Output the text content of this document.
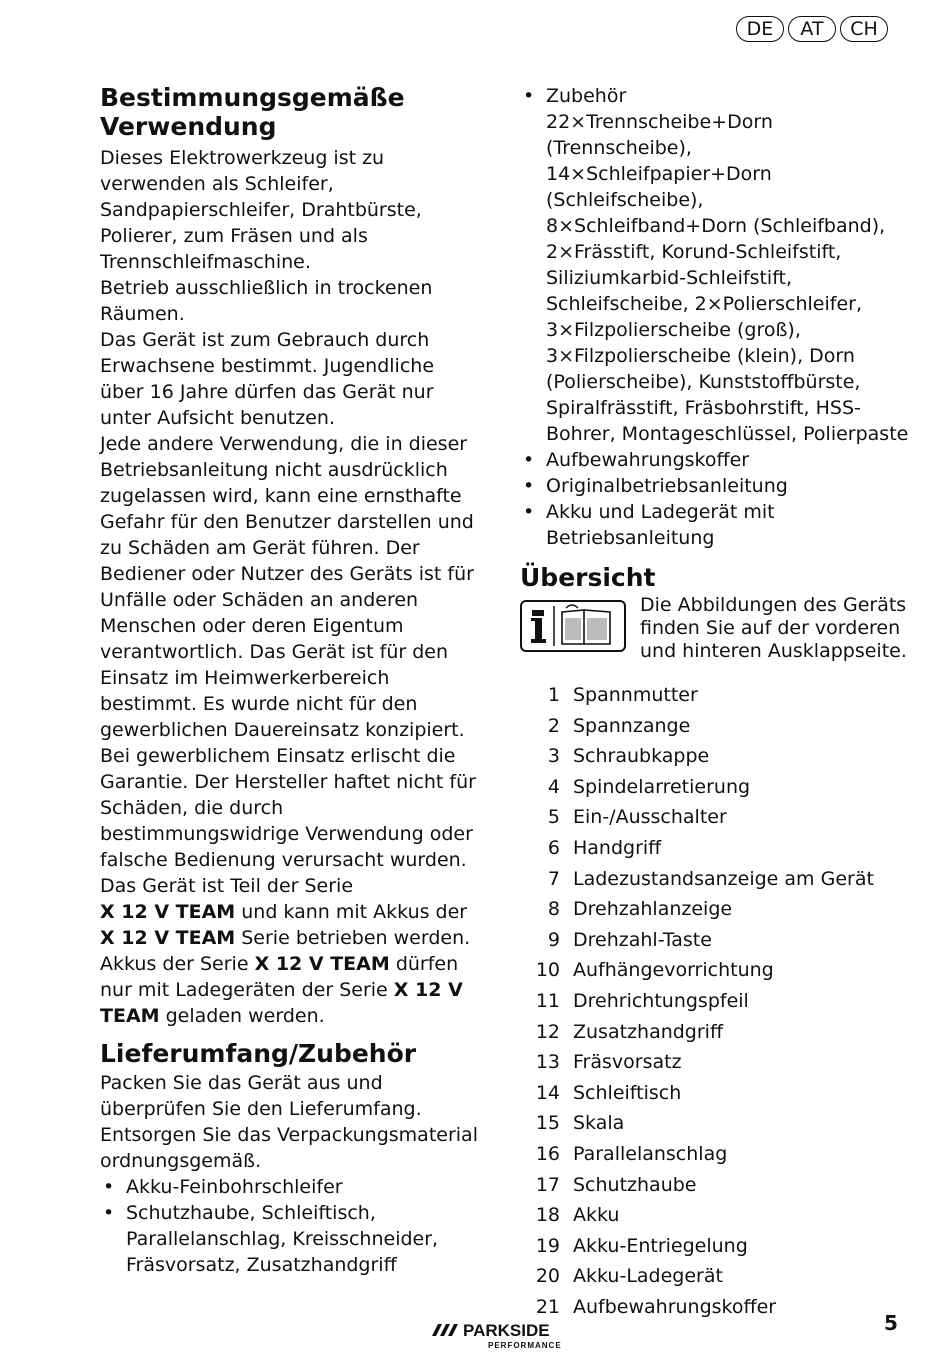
DE	AT	CH
Bestimmungsgemäße
Verwendung

Dieses Elektrowerkzeug ist zu verwenden als Schleifer, Sandpapierschleifer, Drahtbürste, Polierer, zum Fräsen und als Trennschleifmaschine.

Betrieb ausschließlich in trockenen Räumen.

Das Gerät ist zum Gebrauch durch Erwachsene bestimmt. Jugendliche über 16 Jahre dürfen das Gerät nur unter Aufsicht benutzen.

Jede andere Verwendung, die in dieser Betriebsanleitung nicht ausdrücklich zugelassen wird, kann eine ernsthafte Gefahr für den Benutzer darstellen und zu Schäden am Gerät führen. Der Bediener oder Nutzer des Geräts ist für Unfälle oder Schäden an anderen Menschen oder deren Eigentum verantwortlich. Das Gerät ist für den Einsatz im Heimwerkerbereich bestimmt. Es wurde nicht für den gewerblichen Dauereinsatz konzipiert. Bei gewerblichem Einsatz erlischt die Garantie. Der Hersteller haftet nicht für Schäden, die durch bestimmungswidrige Verwendung oder falsche Bedienung verursacht wurden.

Das Gerät ist Teil der Serie
X 12 V TEAM und kann mit Akkus der X 12 V TEAM Serie betrieben werden. Akkus der Serie X 12 V TEAM dürfen nur mit Ladegeräten der Serie X 12 V TEAM geladen werden.

Lieferumfang/Zubehör

Packen Sie das Gerät aus und überprüfen Sie den Lieferumfang.

Entsorgen Sie das Verpackungsmaterial ordnungsgemäß.

• Akku-Feinbohrschleifer
• Schutzhaube, Schleiftisch, Parallelanschlag, Kreisschneider, Fräsvorsatz, Zusatzhandgriff
• Zubehör
22×Trennscheibe+Dorn (Trennscheibe), 14×Schleifpapier+Dorn (Schleifscheibe), 8×Schleifband+Dorn (Schleifband), 2×Frässtift, Korund-Schleifstift, Siliziumkarbid-Schleifstift, Schleifscheibe, 2×Polierschleifer, 3×Filzpolierscheibe (groß), 3×Filzpolierscheibe (klein), Dorn (Polierscheibe), Kunststoffbürste, Spiralfrässtift, Fräsbohrstift, HSS-Bohrer, Montageschlüssel, Polierpaste
• Aufbewahrungskoffer
• Originalbetriebsanleitung
• Akku und Ladegerät mit Betriebsanleitung
Übersicht
Die Abbildungen des Geräts finden Sie auf der vorderen und hinteren Ausklappseite.
1 Spannmutter
2 Spannzange
3 Schraubkappe
4 Spindelarretierung
5 Ein-/Ausschalter
6 Handgriff
7 Ladezustandsanzeige am Gerät
8 Drehzahlanzeige
9 Drehzahl-Taste
10 Aufhängevorrichtung
11 Drehrichtungspfeil
12 Zusatzhandgriff
13 Fräsvorsatz
14 Schleiftisch
15 Skala
16 Parallelanschlag
17 Schutzhaube
18 Akku
19 Akku-Entriegelung
20 Akku-Ladegerät
21 Aufbewahrungskoffer
PARKSIDE
PERFORMANCE
5
